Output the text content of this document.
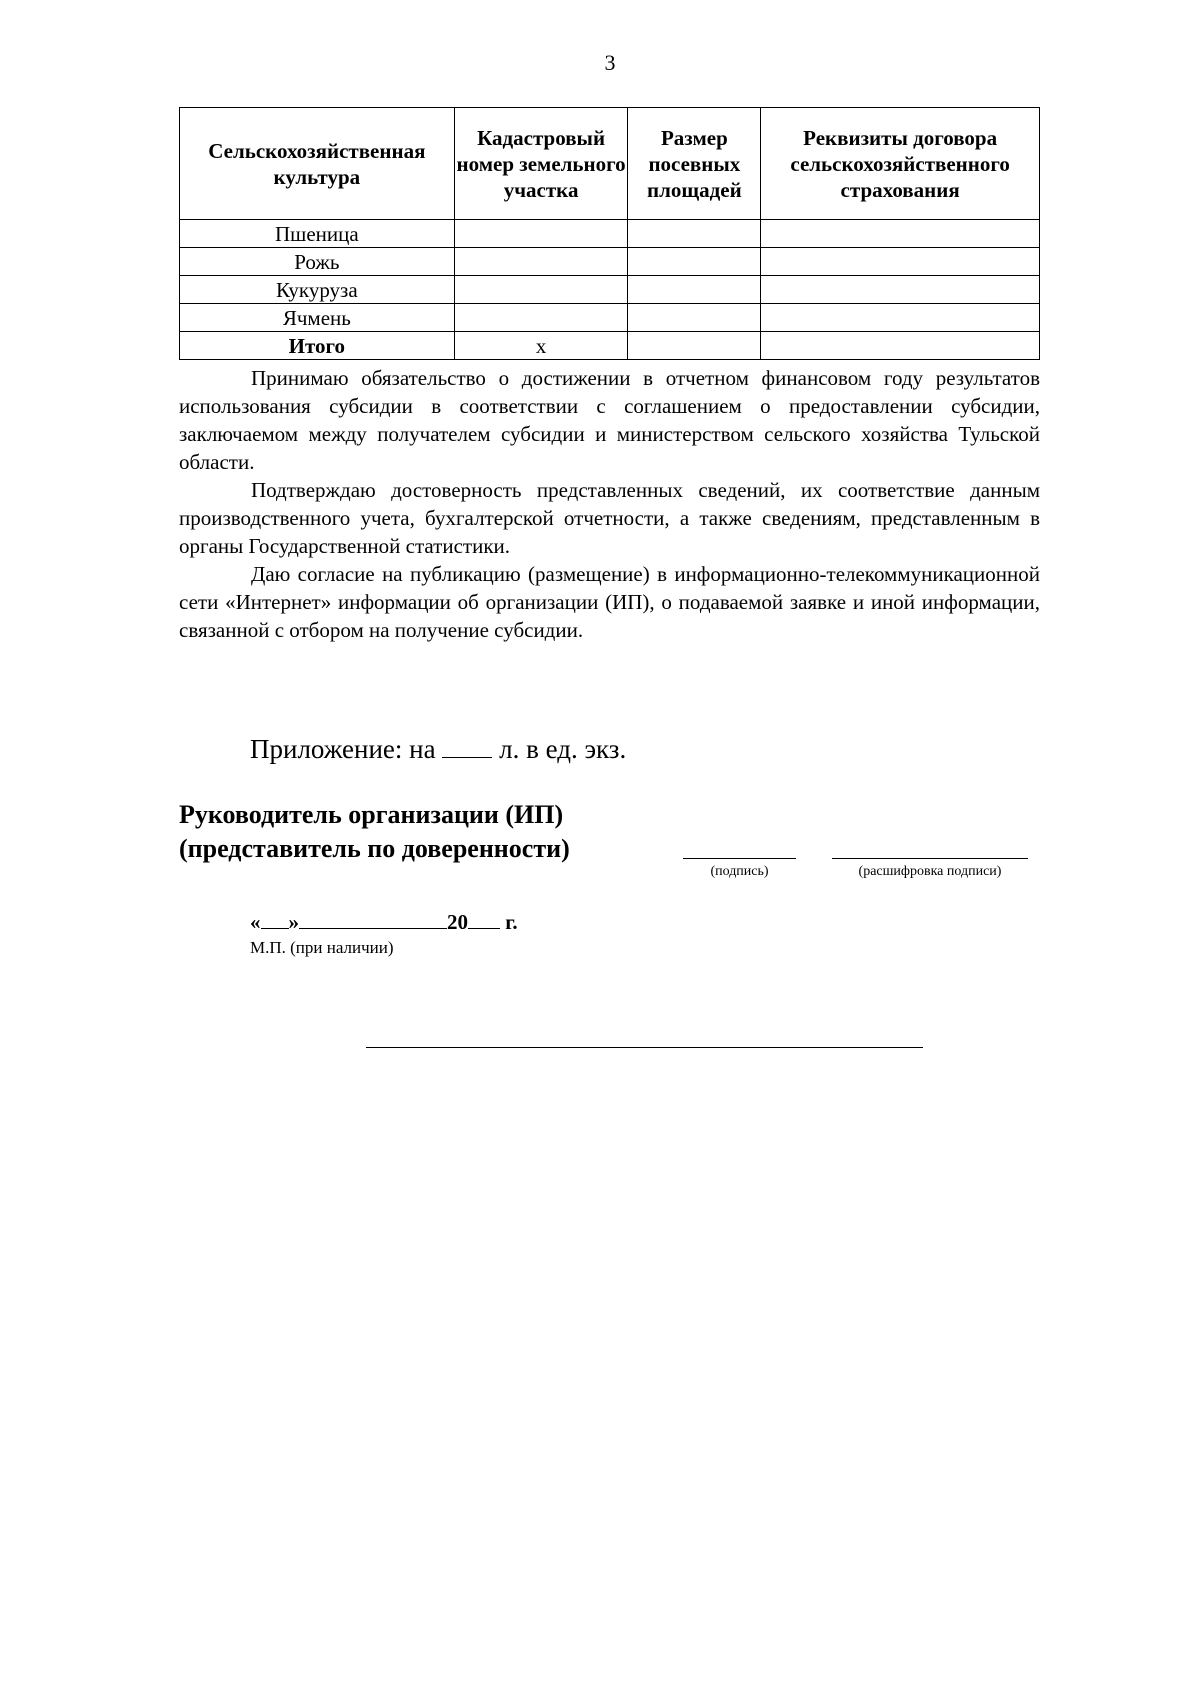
3
Сельскохозяйственная культура	Кадастровый номер земельного участка	Размер посевных площадей	Реквизиты договора сельскохозяйственного страхования
Пшеница			
Рожь			
Кукуруза			
Ячмень			
Итого	х		

Принимаю обязательство о достижении в отчетном финансовом году результатов использования субсидии в соответствии с соглашением о предоставлении субсидии, заключаемом между получателем субсидии и министерством сельского хозяйства Тульской области.

Подтверждаю достоверность представленных сведений, их соответствие данным производственного учета, бухгалтерской отчетности, а также сведениям, представленным в органы Государственной статистики.

Даю согласие на публикацию (размещение) в информационно-телекоммуникационной сети «Интернет» информации об организации (ИП), о подаваемой заявке и иной информации, связанной с отбором на получение субсидии.

Приложение: на л. в ед. экз.
Руководитель организации (ИП)
(представитель по доверенности)
(подпись)	(расшифровка подписи)
« »	20 г.
М.П. (при наличии)
